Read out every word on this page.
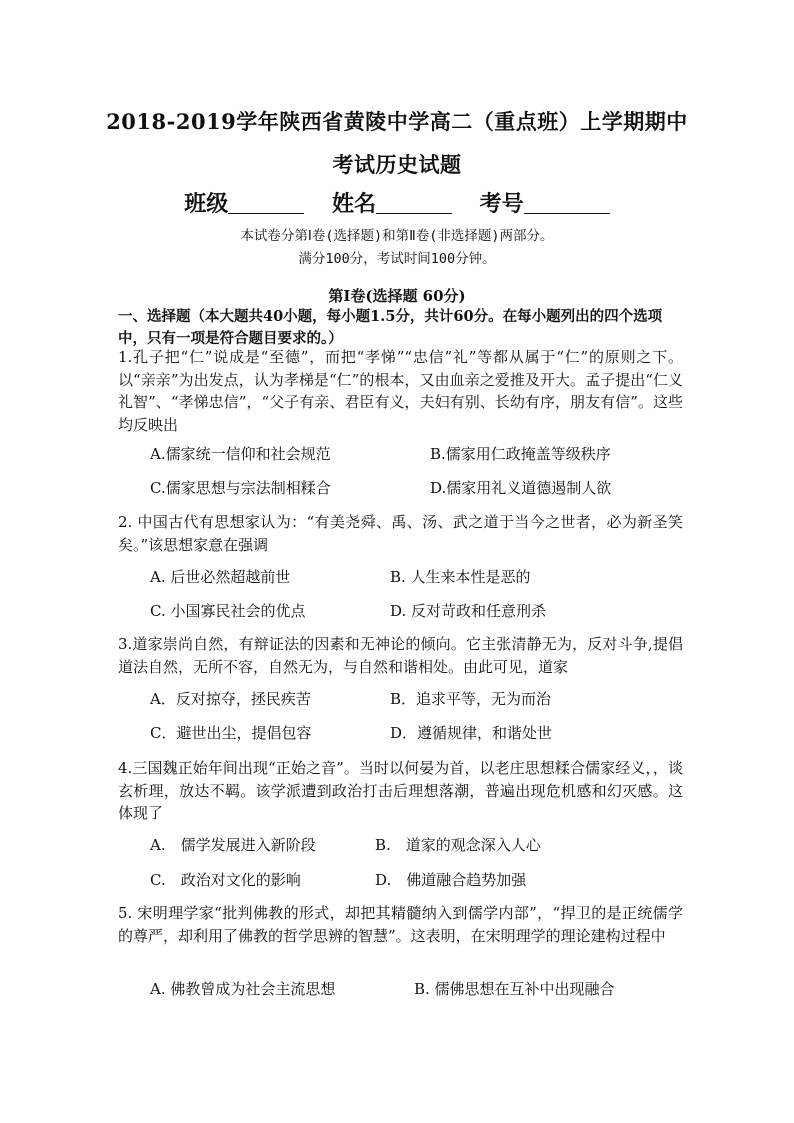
2018-2019学年陕西省黄陵中学高二（重点班）上学期期中
考试历史试题
班级	姓名	考号
本试卷分第Ⅰ卷(选择题)和第Ⅱ卷(非选择题)两部分。
满分100分，考试时间100分钟。
第Ⅰ卷(选择题 60分)
一、选择题（本大题共40小题，每小题1.5分，共计60分。在每小题列出的四个选项中，只有一项是符合题目要求的。）
1.孔子把“仁”说成是“至德”，而把“孝悌”“忠信”礼”等都从属于“仁”的原则之下。以“亲亲”为出发点，认为孝梯是“仁”的根本，又由血亲之爱推及开大。孟子提出“仁义礼智”、“孝悌忠信”，“父子有亲、君臣有义，夫妇有别、长幼有序，朋友有信”。这些均反映出
A.儒家统一信仰和社会规范	B.儒家用仁政掩盖等级秩序
C.儒家思想与宗法制相糅合	D.儒家用礼义道德遏制人欲
2. 中国古代有思想家认为：“有美尧舜、禹、汤、武之道于当今之世者，必为新圣笑矣。”该思想家意在强调
A. 后世必然超越前世	B. 人生来本性是恶的
C. 小国寡民社会的优点	D. 反对苛政和任意刑杀
3.道家崇尚自然，有辩证法的因素和无神论的倾向。它主张清静无为，反对斗争,提倡道法自然，无所不容，自然无为，与自然和谐相处。由此可见，道家
A．反对掠夺，拯民疾苦	B．追求平等，无为而治
C．避世出尘，提倡包容	D．遵循规律，和谐处世
4.三国魏正始年间出现“正始之音”。当时以何晏为首，以老庄思想糅合儒家经义，，谈玄析理，放达不羁。该学派遭到政治打击后理想落潮，普遍出现危机感和幻灭感。这体现了
A.　儒学发展进入新阶段	B.　道家的观念深入人心
C.　政治对文化的影响	D.　佛道融合趋势加强
5. 宋明理学家“批判佛教的形式，却把其精髓纳入到儒学内部”，“捍卫的是正统儒学的尊严，却利用了佛教的哲学思辨的智慧”。这表明，在宋明理学的理论建构过程中
A. 佛教曾成为社会主流思想	B. 儒佛思想在互补中出现融合
